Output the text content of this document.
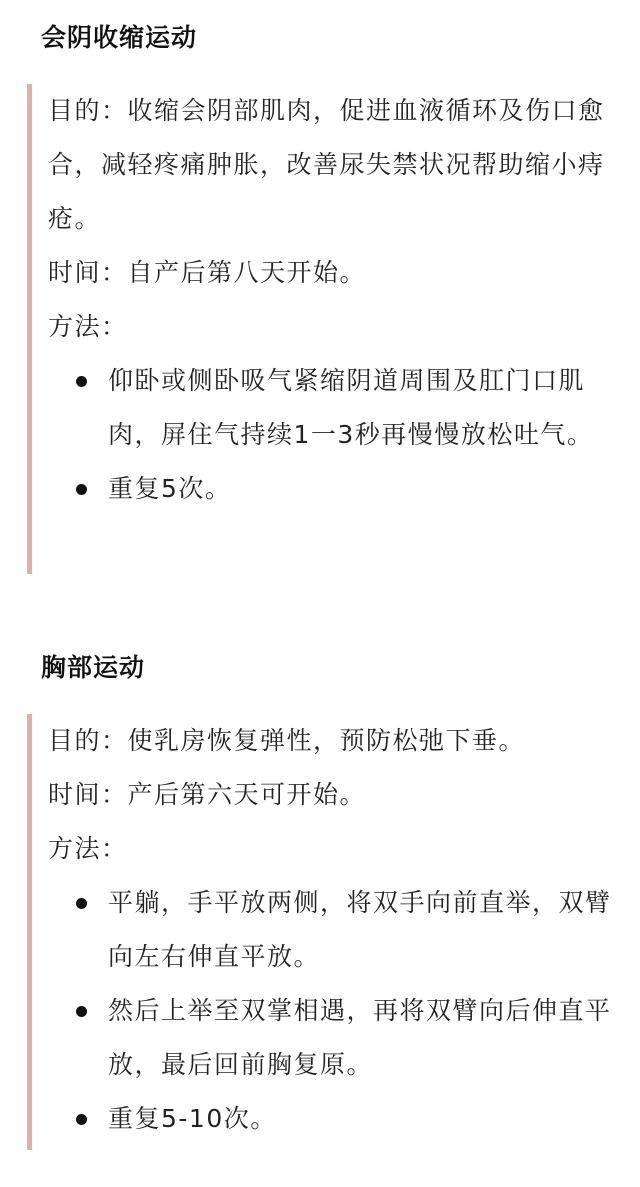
会阴收缩运动

目的：收缩会阴部肌肉，促进血液循环及伤口愈合，减轻疼痛肿胀，改善尿失禁状况帮助缩小痔疮。

时间：自产后第八天开始。

方法：

仰卧或侧卧吸气紧缩阴道周围及肛门口肌肉，屏住气持续1一3秒再慢慢放松吐气。
重复5次。
胸部运动

目的：使乳房恢复弹性，预防松弛下垂。

时间：产后第六天可开始。

方法：

平躺，手平放两侧，将双手向前直举，双臂向左右伸直平放。
然后上举至双掌相遇，再将双臂向后伸直平放，最后回前胸复原。
重复5-10次。
